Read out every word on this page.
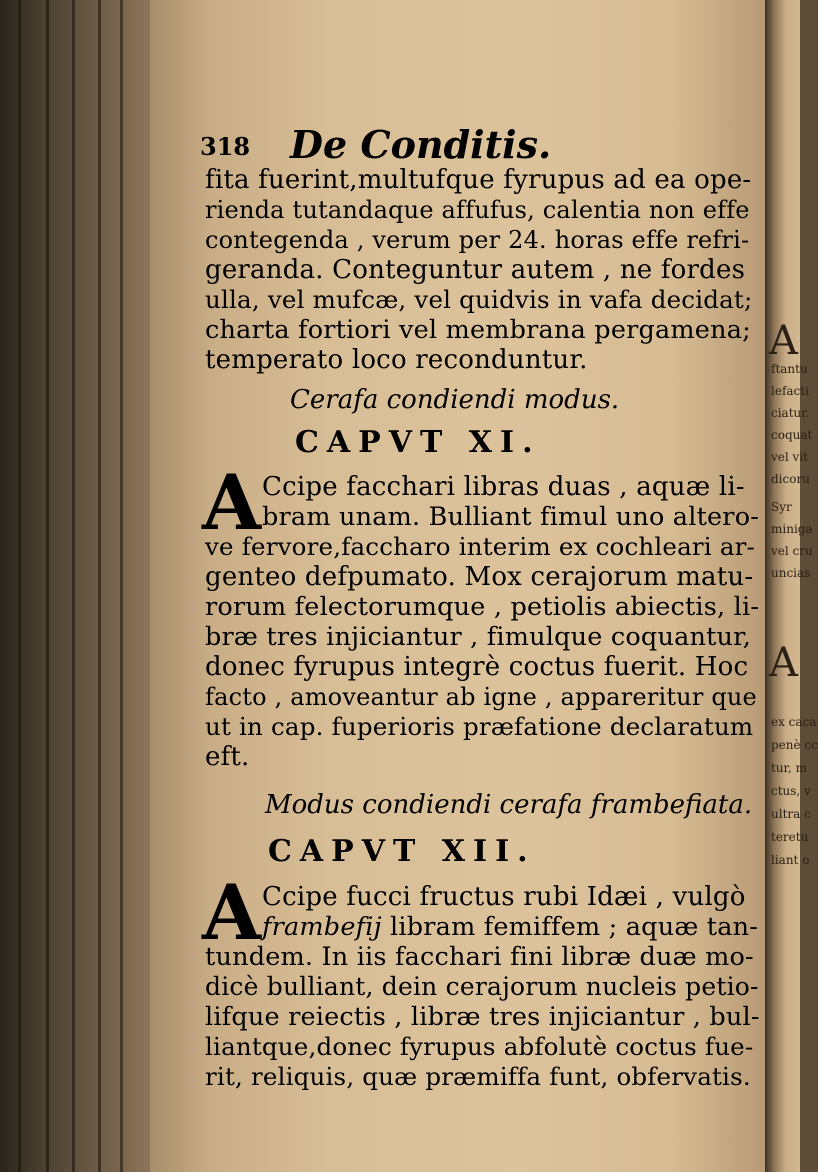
A
ftantu
lefacti
ciatur.
coquat
vel vit
dicoru
Syr
miniga
vel cru
uncias
A
ex caca
penè cc
tur, m
ctus, v
ultra c
teretu
liant o
318 De Conditis.
fita fuerint,multufque fyrupus ad ea ope-
rienda tutandaque affufus, calentia non effe
contegenda , verum per 24. horas effe refri-
geranda. Conteguntur autem , ne fordes
ulla, vel mufcæ, vel quidvis in vafa decidat;
charta fortiori vel membrana pergamena;
temperato loco reconduntur.
Cerafa condiendi modus.
CAPVT XI.
A Ccipe facchari libras duas , aquæ li-
bram unam. Bulliant fimul uno altero-
ve fervore,faccharo interim ex cochleari ar-
genteo defpumato. Mox cerajorum matu-
rorum felectorumque , petiolis abiectis, li-
bræ tres injiciantur , fimulque coquantur,
donec fyrupus integrè coctus fuerit. Hoc
facto , amoveantur ab igne , appareritur que
ut in cap. fuperioris præfatione declaratum
eft.
Modus condiendi cerafa frambefiata.
CAPVT XII.
A Ccipe fucci fructus rubi Idæi , vulgò
frambefij libram femiffem ; aquæ tan-
tundem. In iis facchari fini libræ duæ mo-
dicè bulliant, dein cerajorum nucleis petio-
lifque reiectis , libræ tres injiciantur , bul-
liantque,donec fyrupus abfolutè coctus fue-
rit, reliquis, quæ præmiffa funt, obfervatis.
